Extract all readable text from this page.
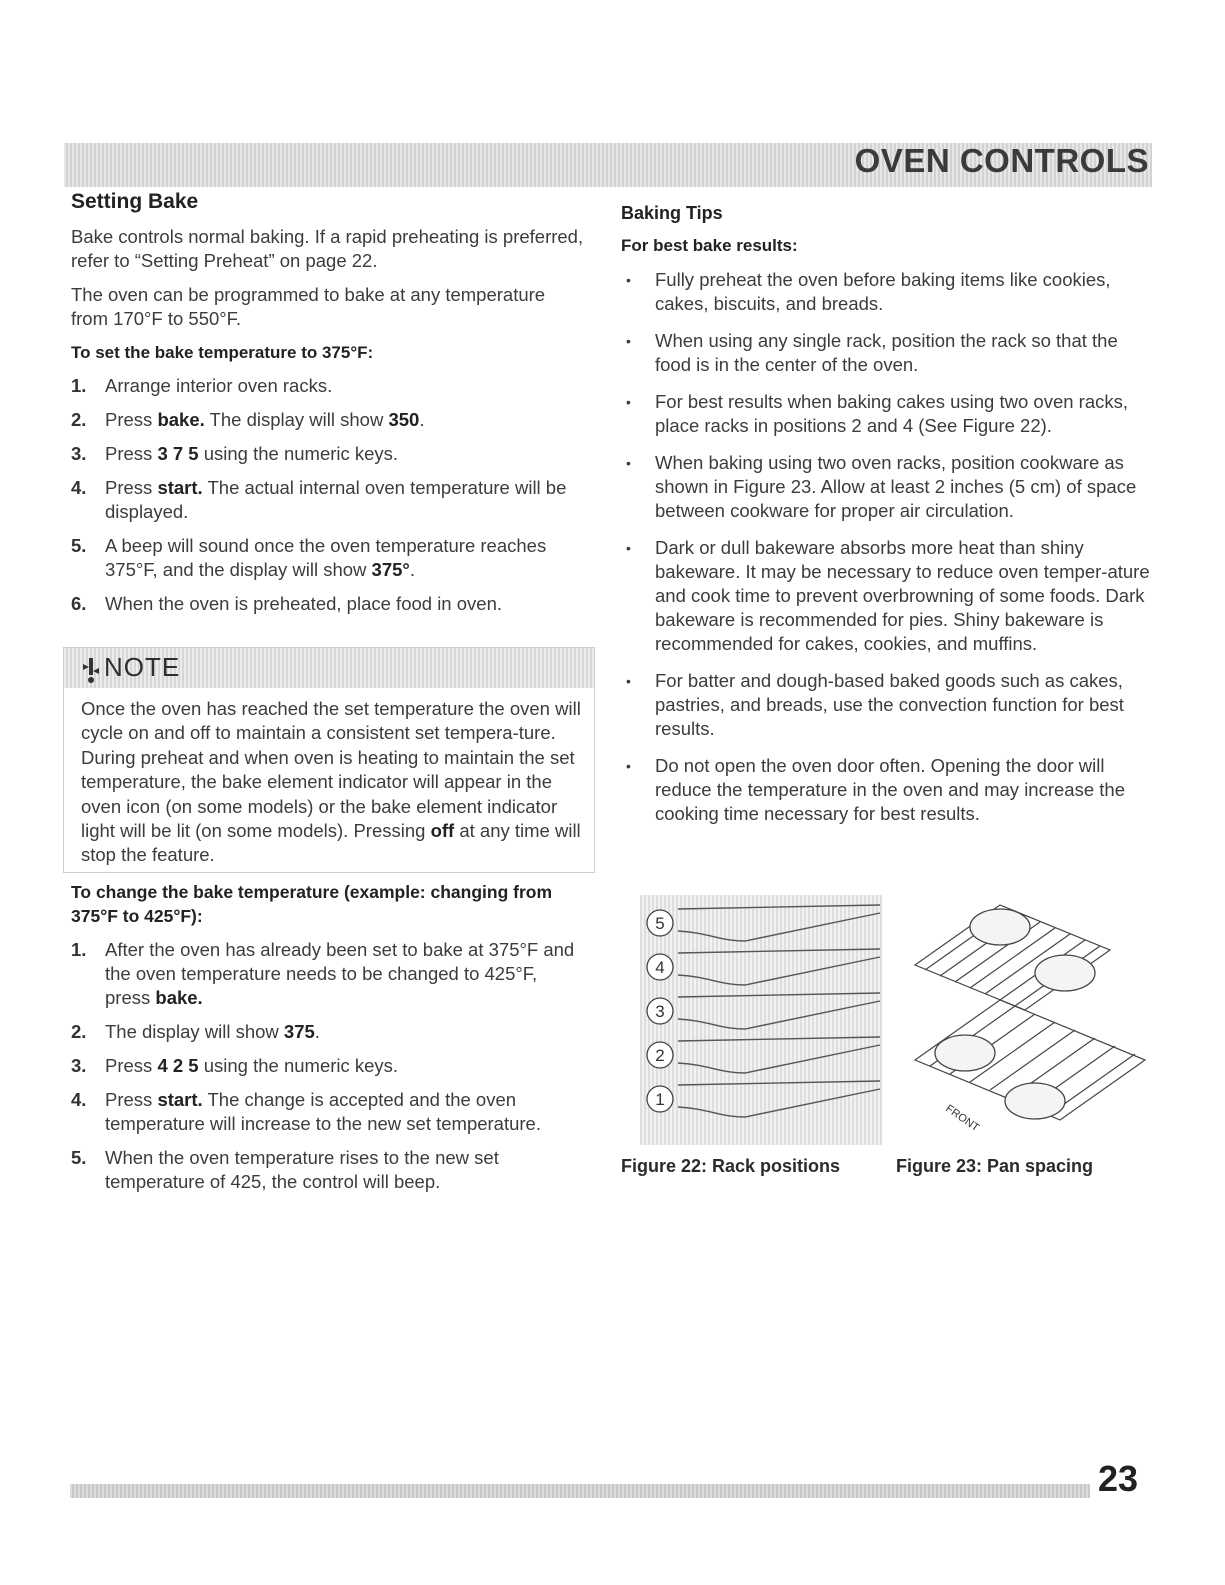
OVEN CONTROLS
Setting Bake

Bake controls normal baking. If a rapid preheating is preferred, refer to “Setting Preheat” on page 22.

The oven can be programmed to bake at any temperature from 170°F to 550°F.

To set the bake temperature to 375°F:
1. Arrange interior oven racks.
2. Press bake. The display will show 350.
3. Press 3 7 5 using the numeric keys.
4. Press start. The actual internal oven temperature will be displayed.
5. A beep will sound once the oven temperature reaches 375°F, and the display will show 375°.
6. When the oven is preheated, place food in oven.
NOTE
Once the oven has reached the set temperature the oven will cycle on and off to maintain a consistent set tempera-ture. During preheat and when oven is heating to maintain the set temperature, the bake element indicator will appear in the oven icon (on some models) or the bake element indicator light will be lit (on some models). Pressing off at any time will stop the feature.
To change the bake temperature (example: changing from 375°F to 425°F):
1. After the oven has already been set to bake at 375°F and the oven temperature needs to be changed to 425°F, press bake.
2. The display will show 375.
3. Press 4 2 5 using the numeric keys.
4. Press start. The change is accepted and the oven temperature will increase to the new set temperature.
5. When the oven temperature rises to the new set temperature of 425, the control will beep.
Baking Tips
For best bake results:
• Fully preheat the oven before baking items like cookies, cakes, biscuits, and breads.
• When using any single rack, position the rack so that the food is in the center of the oven.
• For best results when baking cakes using two oven racks, place racks in positions 2 and 4 (See Figure 22).
• When baking using two oven racks, position cookware as shown in Figure 23. Allow at least 2 inches (5 cm) of space between cookware for proper air circulation.
• Dark or dull bakeware absorbs more heat than shiny bakeware. It may be necessary to reduce oven temper-ature and cook time to prevent overbrowning of some foods. Dark bakeware is recommended for pies. Shiny bakeware is recommended for cakes, cookies, and muffins.
• For batter and dough-based baked goods such as cakes, pastries, and breads, use the convection function for best results.
• Do not open the oven door often. Opening the door will reduce the temperature in the oven and may increase the cooking time necessary for best results.
5
4
3
2
1
FRONT
Figure 22: Rack positions	Figure 23: Pan spacing
23
